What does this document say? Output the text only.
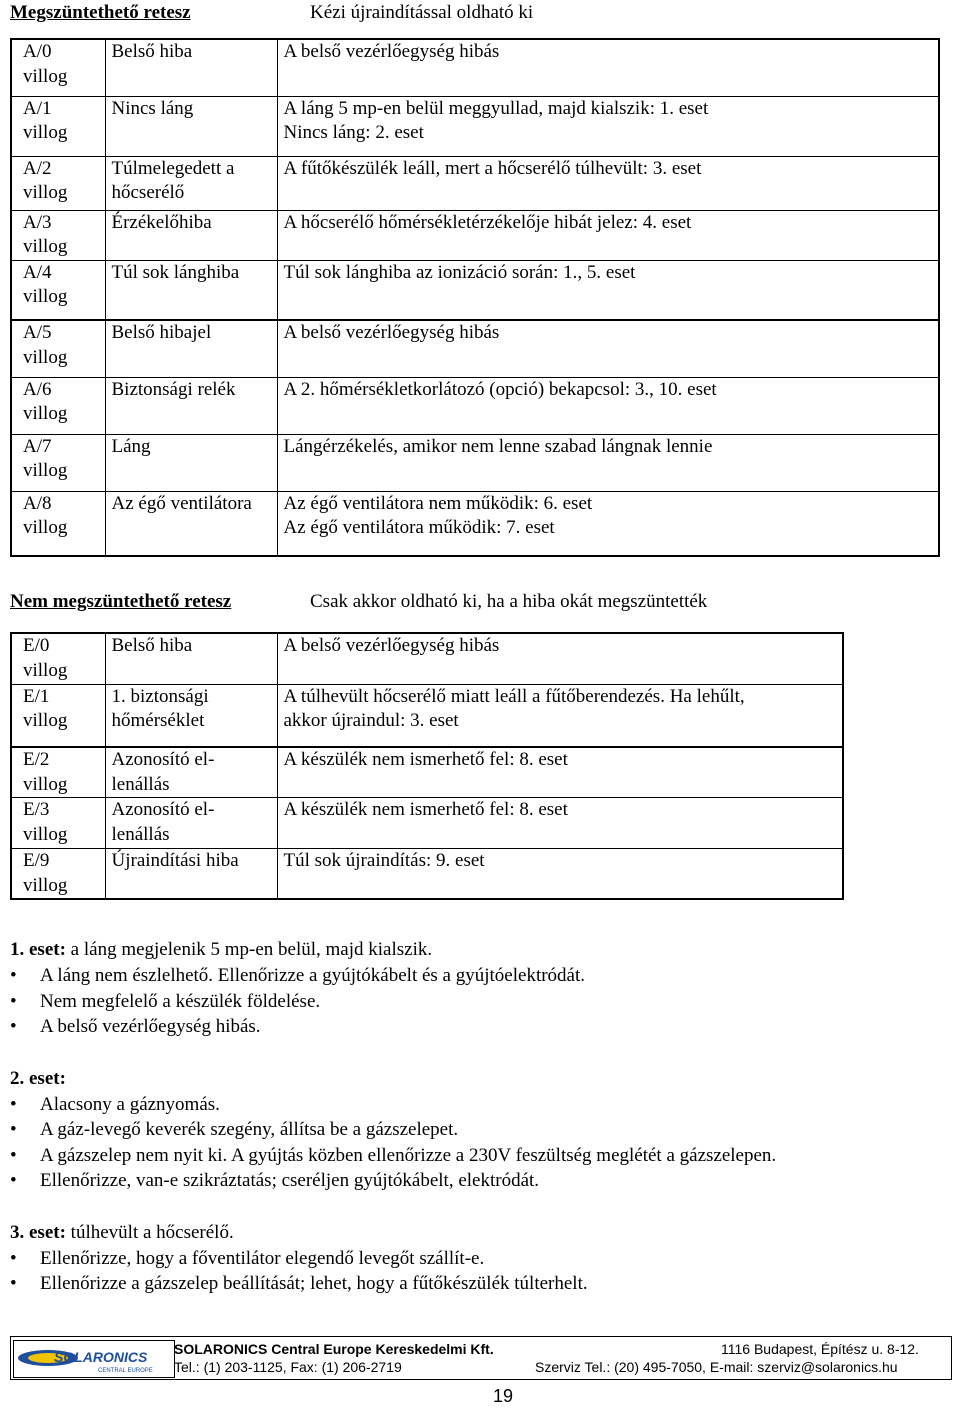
Megszüntethető retesz	Kézi újraindítással oldható ki
A/0
villog	Belső hiba	A belső vezérlőegység hibás

A/1
villog	Nincs láng	A láng 5 mp-en belül meggyullad, majd kialszik: 1. eset
Nincs láng: 2. eset

A/2
villog	Túlmelegedett a hőcserélő	A fűtőkészülék leáll, mert a hőcserélő túlhevült: 3. eset

A/3
villog	Érzékelőhiba	A hőcserélő hőmérsékletérzékelője hibát jelez: 4. eset

A/4
villog	Túl sok lánghiba	Túl sok lánghiba az ionizáció során: 1., 5. eset

A/5
villog	Belső hibajel	A belső vezérlőegység hibás

A/6
villog	Biztonsági relék	A 2. hőmérsékletkorlátozó (opció) bekapcsol: 3., 10. eset

A/7
villog	Láng	Lángérzékelés, amikor nem lenne szabad lángnak lennie

A/8
villog	Az égő ventilátora	Az égő ventilátora nem működik: 6. eset
Az égő ventilátora működik: 7. eset
Nem megszüntethető retesz	Csak akkor oldható ki, ha a hiba okát megszüntették
E/0
villog	Belső hiba	A belső vezérlőegység hibás

E/1
villog	1. biztonsági
hőmérséklet	A túlhevült hőcserélő miatt leáll a fűtőberendezés. Ha lehűlt,
akkor újraindul: 3. eset

E/2
villog	Azonosító el-
lenállás	A készülék nem ismerhető fel: 8. eset

E/3
villog	Azonosító el-
lenállás	A készülék nem ismerhető fel: 8. eset

E/9
villog	Újraindítási hiba	Túl sok újraindítás: 9. eset
1. eset: a láng megjelenik 5 mp-en belül, majd kialszik.
• A láng nem észlelhető. Ellenőrizze a gyújtókábelt és a gyújtóelektródát.
• Nem megfelelő a készülék földelése.
• A belső vezérlőegység hibás.
2. eset:
• Alacsony a gáznyomás.
• A gáz-levegő keverék szegény, állítsa be a gázszelepet.
• A gázszelep nem nyit ki. A gyújtás közben ellenőrizze a 230V feszültség meglétét a gázszelepen.
• Ellenőrizze, van-e szikráztatás; cseréljen gyújtókábelt, elektródát.
3. eset: túlhevült a hőcserélő.
• Ellenőrizze, hogy a főventilátor elegendő levegőt szállít-e.
• Ellenőrizze a gázszelep beállítását; lehet, hogy a fűtőkészülék túlterhelt.
SOLARONICS
CENTRAL EUROPE
SOLARONICS Central Europe Kereskedelmi Kft.	1116 Budapest, Építész u. 8-12.
Tel.: (1) 203-1125, Fax: (1) 206-2719	Szerviz Tel.: (20) 495-7050, E-mail: szerviz@solaronics.hu
19
